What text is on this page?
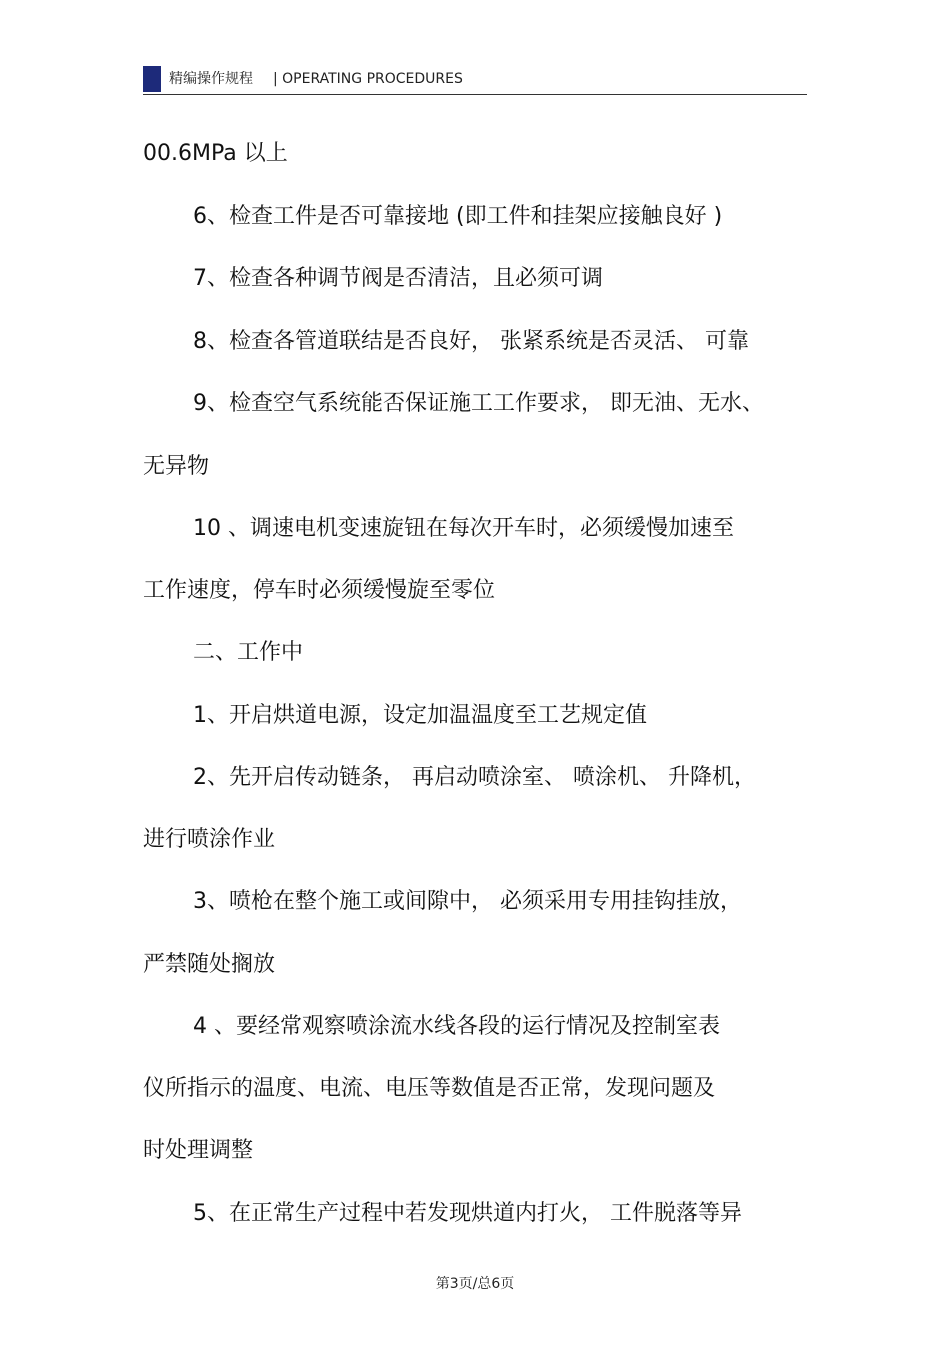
精编操作规程 | OPERATING PROCEDURES
00.6MPa 以上
6、检查工件是否可靠接地 (即工件和挂架应接触良好 )
7、检查各种调节阀是否清洁，且必须可调
8、检查各管道联结是否良好， 张紧系统是否灵活、 可靠
9、检查空气系统能否保证施工工作要求， 即无油、无水、
无异物
10 、调速电机变速旋钮在每次开车时，必须缓慢加速至
工作速度，停车时必须缓慢旋至零位
二、工作中
1、开启烘道电源，设定加温温度至工艺规定值
2、先开启传动链条， 再启动喷涂室、 喷涂机、 升降机，
进行喷涂作业
3、喷枪在整个施工或间隙中， 必须采用专用挂钩挂放，
严禁随处搁放
4 、要经常观察喷涂流水线各段的运行情况及控制室表
仪所指示的温度、电流、电压等数值是否正常，发现问题及
时处理调整
5、在正常生产过程中若发现烘道内打火， 工件脱落等异
第3页/总6页
